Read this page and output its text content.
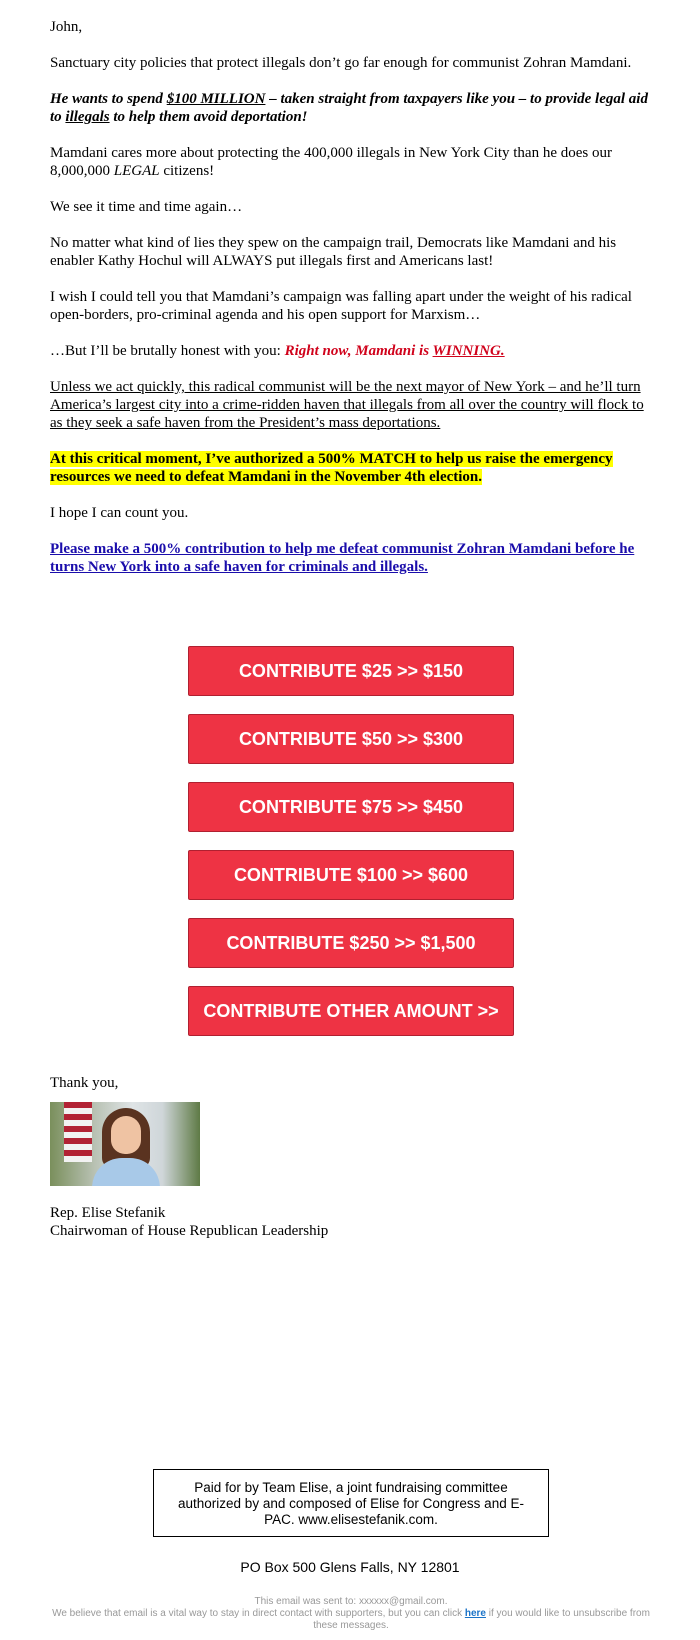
John,

Sanctuary city policies that protect illegals don’t go far enough for communist Zohran Mamdani.

He wants to spend $100 MILLION – taken straight from taxpayers like you – to provide legal aid to illegals to help them avoid deportation!

Mamdani cares more about protecting the 400,000 illegals in New York City than he does our 8,000,000 LEGAL citizens!

We see it time and time again…

No matter what kind of lies they spew on the campaign trail, Democrats like Mamdani and his enabler Kathy Hochul will ALWAYS put illegals first and Americans last!

I wish I could tell you that Mamdani’s campaign was falling apart under the weight of his radical open-borders, pro-criminal agenda and his open support for Marxism…

…But I’ll be brutally honest with you: Right now, Mamdani is WINNING.

Unless we act quickly, this radical communist will be the next mayor of New York – and he’ll turn America’s largest city into a crime-ridden haven that illegals from all over the country will flock to as they seek a safe haven from the President’s mass deportations.

At this critical moment, I’ve authorized a 500% MATCH to help us raise the emergency resources we need to defeat Mamdani in the November 4th election.

I hope I can count you.

Please make a 500% contribution to help me defeat communist Zohran Mamdani before he turns New York into a safe haven for criminals and illegals.

CONTRIBUTE $25 >> $150
CONTRIBUTE $50 >> $300
CONTRIBUTE $75 >> $450
CONTRIBUTE $100 >> $600
CONTRIBUTE $250 >> $1,500
CONTRIBUTE OTHER AMOUNT >>
Thank you,
Rep. Elise Stefanik
Chairwoman of House Republican Leadership
Paid for by Team Elise, a joint fundraising committee authorized by and composed of Elise for Congress and E-PAC. www.elisestefanik.com.
PO Box 500 Glens Falls, NY 12801
This email was sent to: xxxxxx@gmail.com.
We believe that email is a vital way to stay in direct contact with supporters, but you can click here if you would like to unsubscribe from these messages.
